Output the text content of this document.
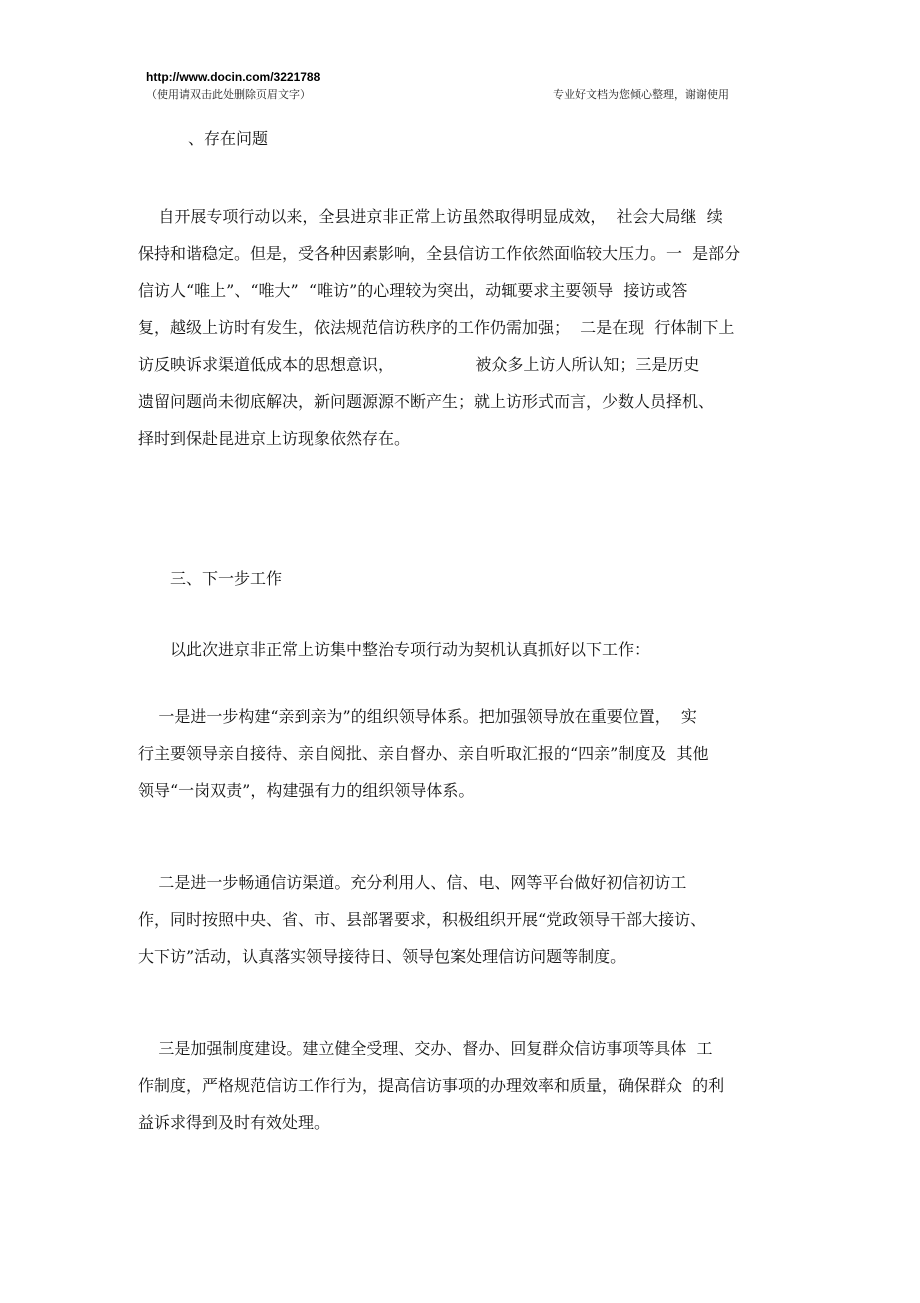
http://www.docin.com/3221788
（使用请双击此处删除页眉文字）	专业好文档为您倾心整理，谢谢使用
、存在问题
自开展专项行动以来，全县进京非正常上访虽然取得明显成效，  社会大局继  续
保持和谐稳定。但是，受各种因素影响，全县信访工作依然面临较大压力。一  是部分
信访人“唯上”、“唯大”  “唯访”的心理较为突出，动辄要求主要领导  接访或答
复，越级上访时有发生，依法规范信访秩序的工作仍需加强；  二是在现  行体制下上
访反映诉求渠道低成本的思想意识，                被众多上访人所认知；三是历史
遗留问题尚未彻底解决，新问题源源不断产生；就上访形式而言，少数人员择机、
择时到保赴昆进京上访现象依然存在。
三、下一步工作
以此次进京非正常上访集中整治专项行动为契机认真抓好以下工作：
一是进一步构建“亲到亲为”的组织领导体系。把加强领导放在重要位置，  实
行主要领导亲自接待、亲自阅批、亲自督办、亲自听取汇报的“四亲”制度及  其他
领导“一岗双责”，构建强有力的组织领导体系。
二是进一步畅通信访渠道。充分利用人、信、电、网等平台做好初信初访工
作，同时按照中央、省、市、县部署要求，积极组织开展“党政领导干部大接访、
大下访”活动，认真落实领导接待日、领导包案处理信访问题等制度。
三是加强制度建设。建立健全受理、交办、督办、回复群众信访事项等具体  工
作制度，严格规范信访工作行为，提高信访事项的办理效率和质量，确保群众  的利
益诉求得到及时有效处理。
